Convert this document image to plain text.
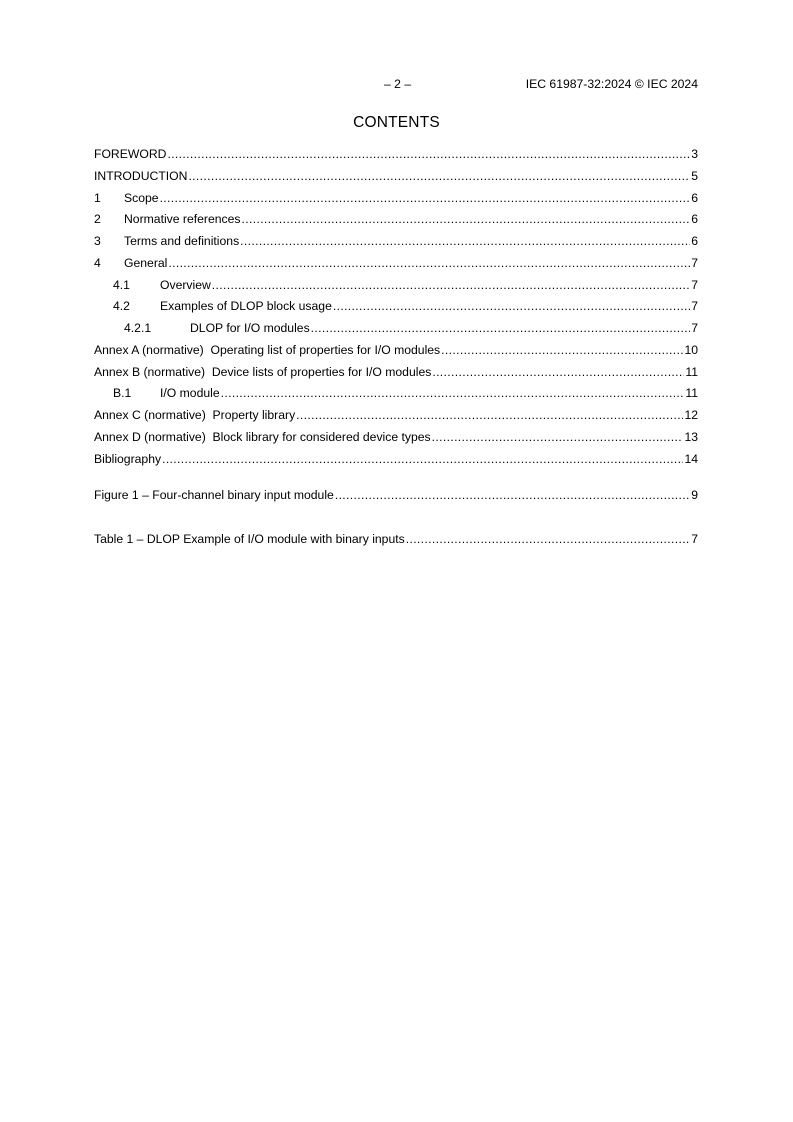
– 2 –	IEC 61987-32:2024 © IEC 2024
CONTENTS
FOREWORD .....	3
INTRODUCTION .....	5
1	Scope .....	6
2	Normative references .....	6
3	Terms and definitions .....	6
4	General .....	7
4.1	Overview .....	7
4.2	Examples of DLOP block usage .....	7
4.2.1	DLOP for I/O modules .....	7
Annex A (normative)  Operating list of properties for I/O modules .....	10
Annex B (normative)  Device lists of properties for I/O modules .....	11
B.1	I/O module .....	11
Annex C (normative)  Property library .....	12
Annex D (normative)  Block library for considered device types .....	13
Bibliography .....	14
Figure 1 – Four-channel binary input module .....	9
Table 1 – DLOP Example of I/O module with binary inputs .....	7
